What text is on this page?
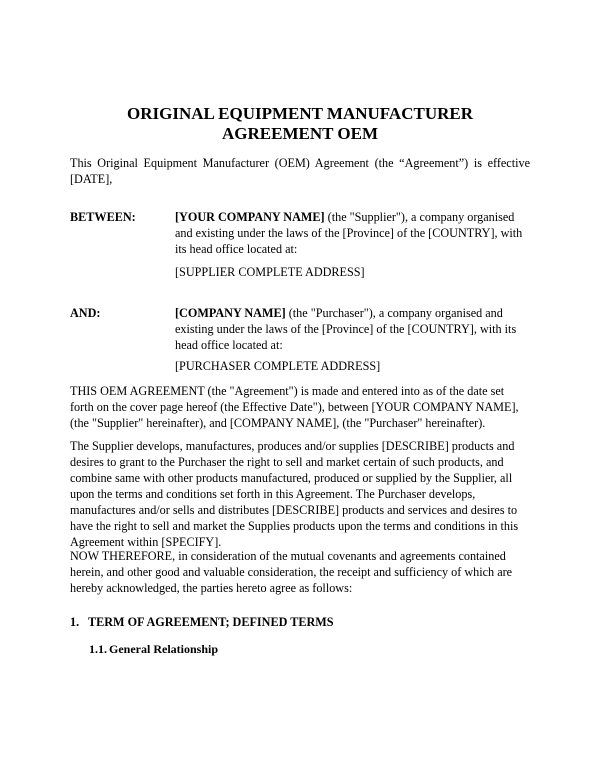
ORIGINAL EQUIPMENT MANUFACTURER AGREEMENT OEM

This Original Equipment Manufacturer (OEM) Agreement (the “Agreement”) is effective [DATE],

BETWEEN:	[YOUR COMPANY NAME] (the "Supplier"), a company organised and existing under the laws of the [Province] of the [COUNTRY], with its head office located at:

[SUPPLIER COMPLETE ADDRESS]
AND:	[COMPANY NAME] (the "Purchaser"), a company organised and existing under the laws of the [Province] of the [COUNTRY], with its head office located at:

[PURCHASER COMPLETE ADDRESS]

THIS OEM AGREEMENT (the "Agreement") is made and entered into as of the date set forth on the cover page hereof (the Effective Date"), between [YOUR COMPANY NAME], (the "Supplier" hereinafter), and [COMPANY NAME], (the "Purchaser" hereinafter).

The Supplier develops, manufactures, produces and/or supplies [DESCRIBE] products and desires to grant to the Purchaser the right to sell and market certain of such products, and combine same with other products manufactured, produced or supplied by the Supplier, all upon the terms and conditions set forth in this Agreement. The Purchaser develops, manufactures and/or sells and distributes [DESCRIBE] products and services and desires to have the right to sell and market the Supplies products upon the terms and conditions in this Agreement within [SPECIFY].

NOW THEREFORE, in consideration of the mutual covenants and agreements contained herein, and other good and valuable consideration, the receipt and sufficiency of which are hereby acknowledged, the parties hereto agree as follows:

1. TERM OF AGREEMENT; DEFINED TERMS
1.1. General Relationship
